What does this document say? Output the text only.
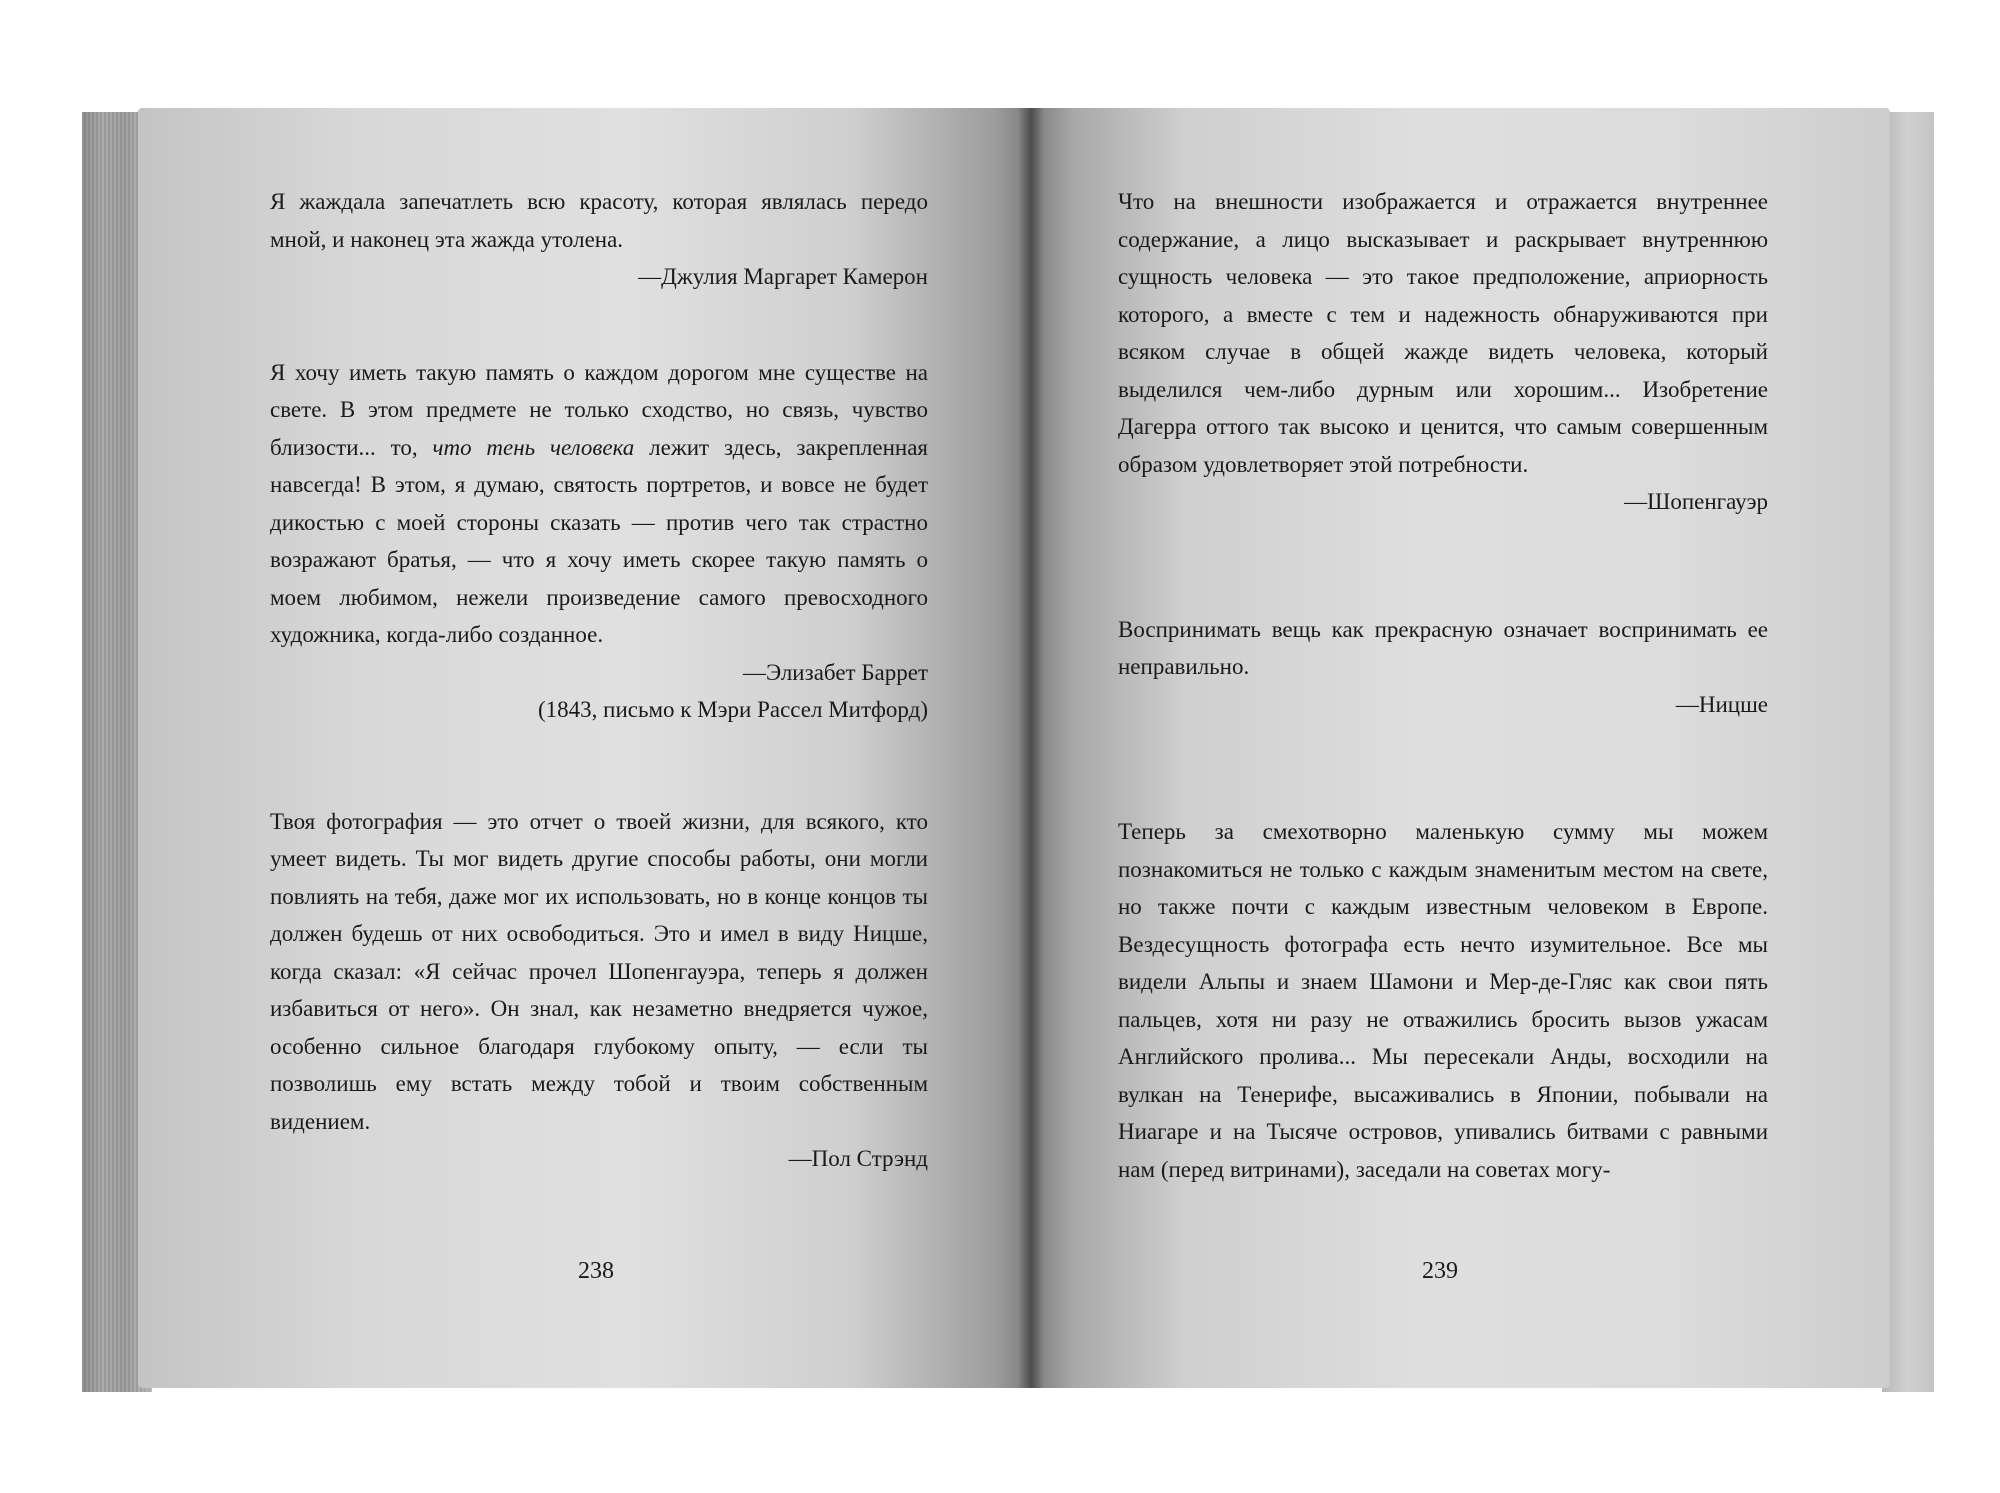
Я жаждала запечатлеть всю красоту, которая являлась передо мной, и наконец эта жажда утолена.

—Джулия Маргарет Камерон

Я хочу иметь такую память о каждом дорогом мне существе на свете. В этом предмете не только сходство, но связь, чувство близости... то, что тень человека лежит здесь, закрепленная навсегда! В этом, я думаю, святость портретов, и вовсе не будет дикостью с моей стороны сказать — против чего так страстно возражают братья, — что я хочу иметь скорее такую память о моем любимом, нежели произведение самого превосходного художника, когда-либо созданное.

—Элизабет Баррет

(1843, письмо к Мэри Рассел Митфорд)

Твоя фотография — это отчет о твоей жизни, для всякого, кто умеет видеть. Ты мог видеть другие способы работы, они могли повлиять на тебя, даже мог их использовать, но в конце концов ты должен будешь от них освободиться. Это и имел в виду Ницше, когда сказал: «Я сейчас прочел Шопенгауэра, теперь я должен избавиться от него». Он знал, как незаметно внедряется чужое, особенно сильное благодаря глубокому опыту, — если ты позволишь ему встать между тобой и твоим собственным видением.

—Пол Стрэнд

238

Что на внешности изображается и отражается внутреннее содержание, а лицо высказывает и раскрывает внутреннюю сущность человека — это такое предположение, априорность которого, а вместе с тем и надежность обнаруживаются при всяком случае в общей жажде видеть человека, который выделился чем-либо дурным или хорошим... Изобретение Дагерра оттого так высоко и ценится, что самым совершенным образом удовлетворяет этой потребности.

—Шопенгауэр

Воспринимать вещь как прекрасную означает воспринимать ее неправильно.

—Ницше

Теперь за смехотворно маленькую сумму мы можем познакомиться не только с каждым знаменитым местом на свете, но также почти с каждым известным человеком в Европе. Вездесущность фотографа есть нечто изумительное. Все мы видели Альпы и знаем Шамони и Мер-де-Гляс как свои пять пальцев, хотя ни разу не отважились бросить вызов ужасам Английского пролива... Мы пересекали Анды, восходили на вулкан на Тенерифе, высаживались в Японии, побывали на Ниагаре и на Тысяче островов, упивались битвами с равными нам (перед витринами), заседали на советах могу-

239
